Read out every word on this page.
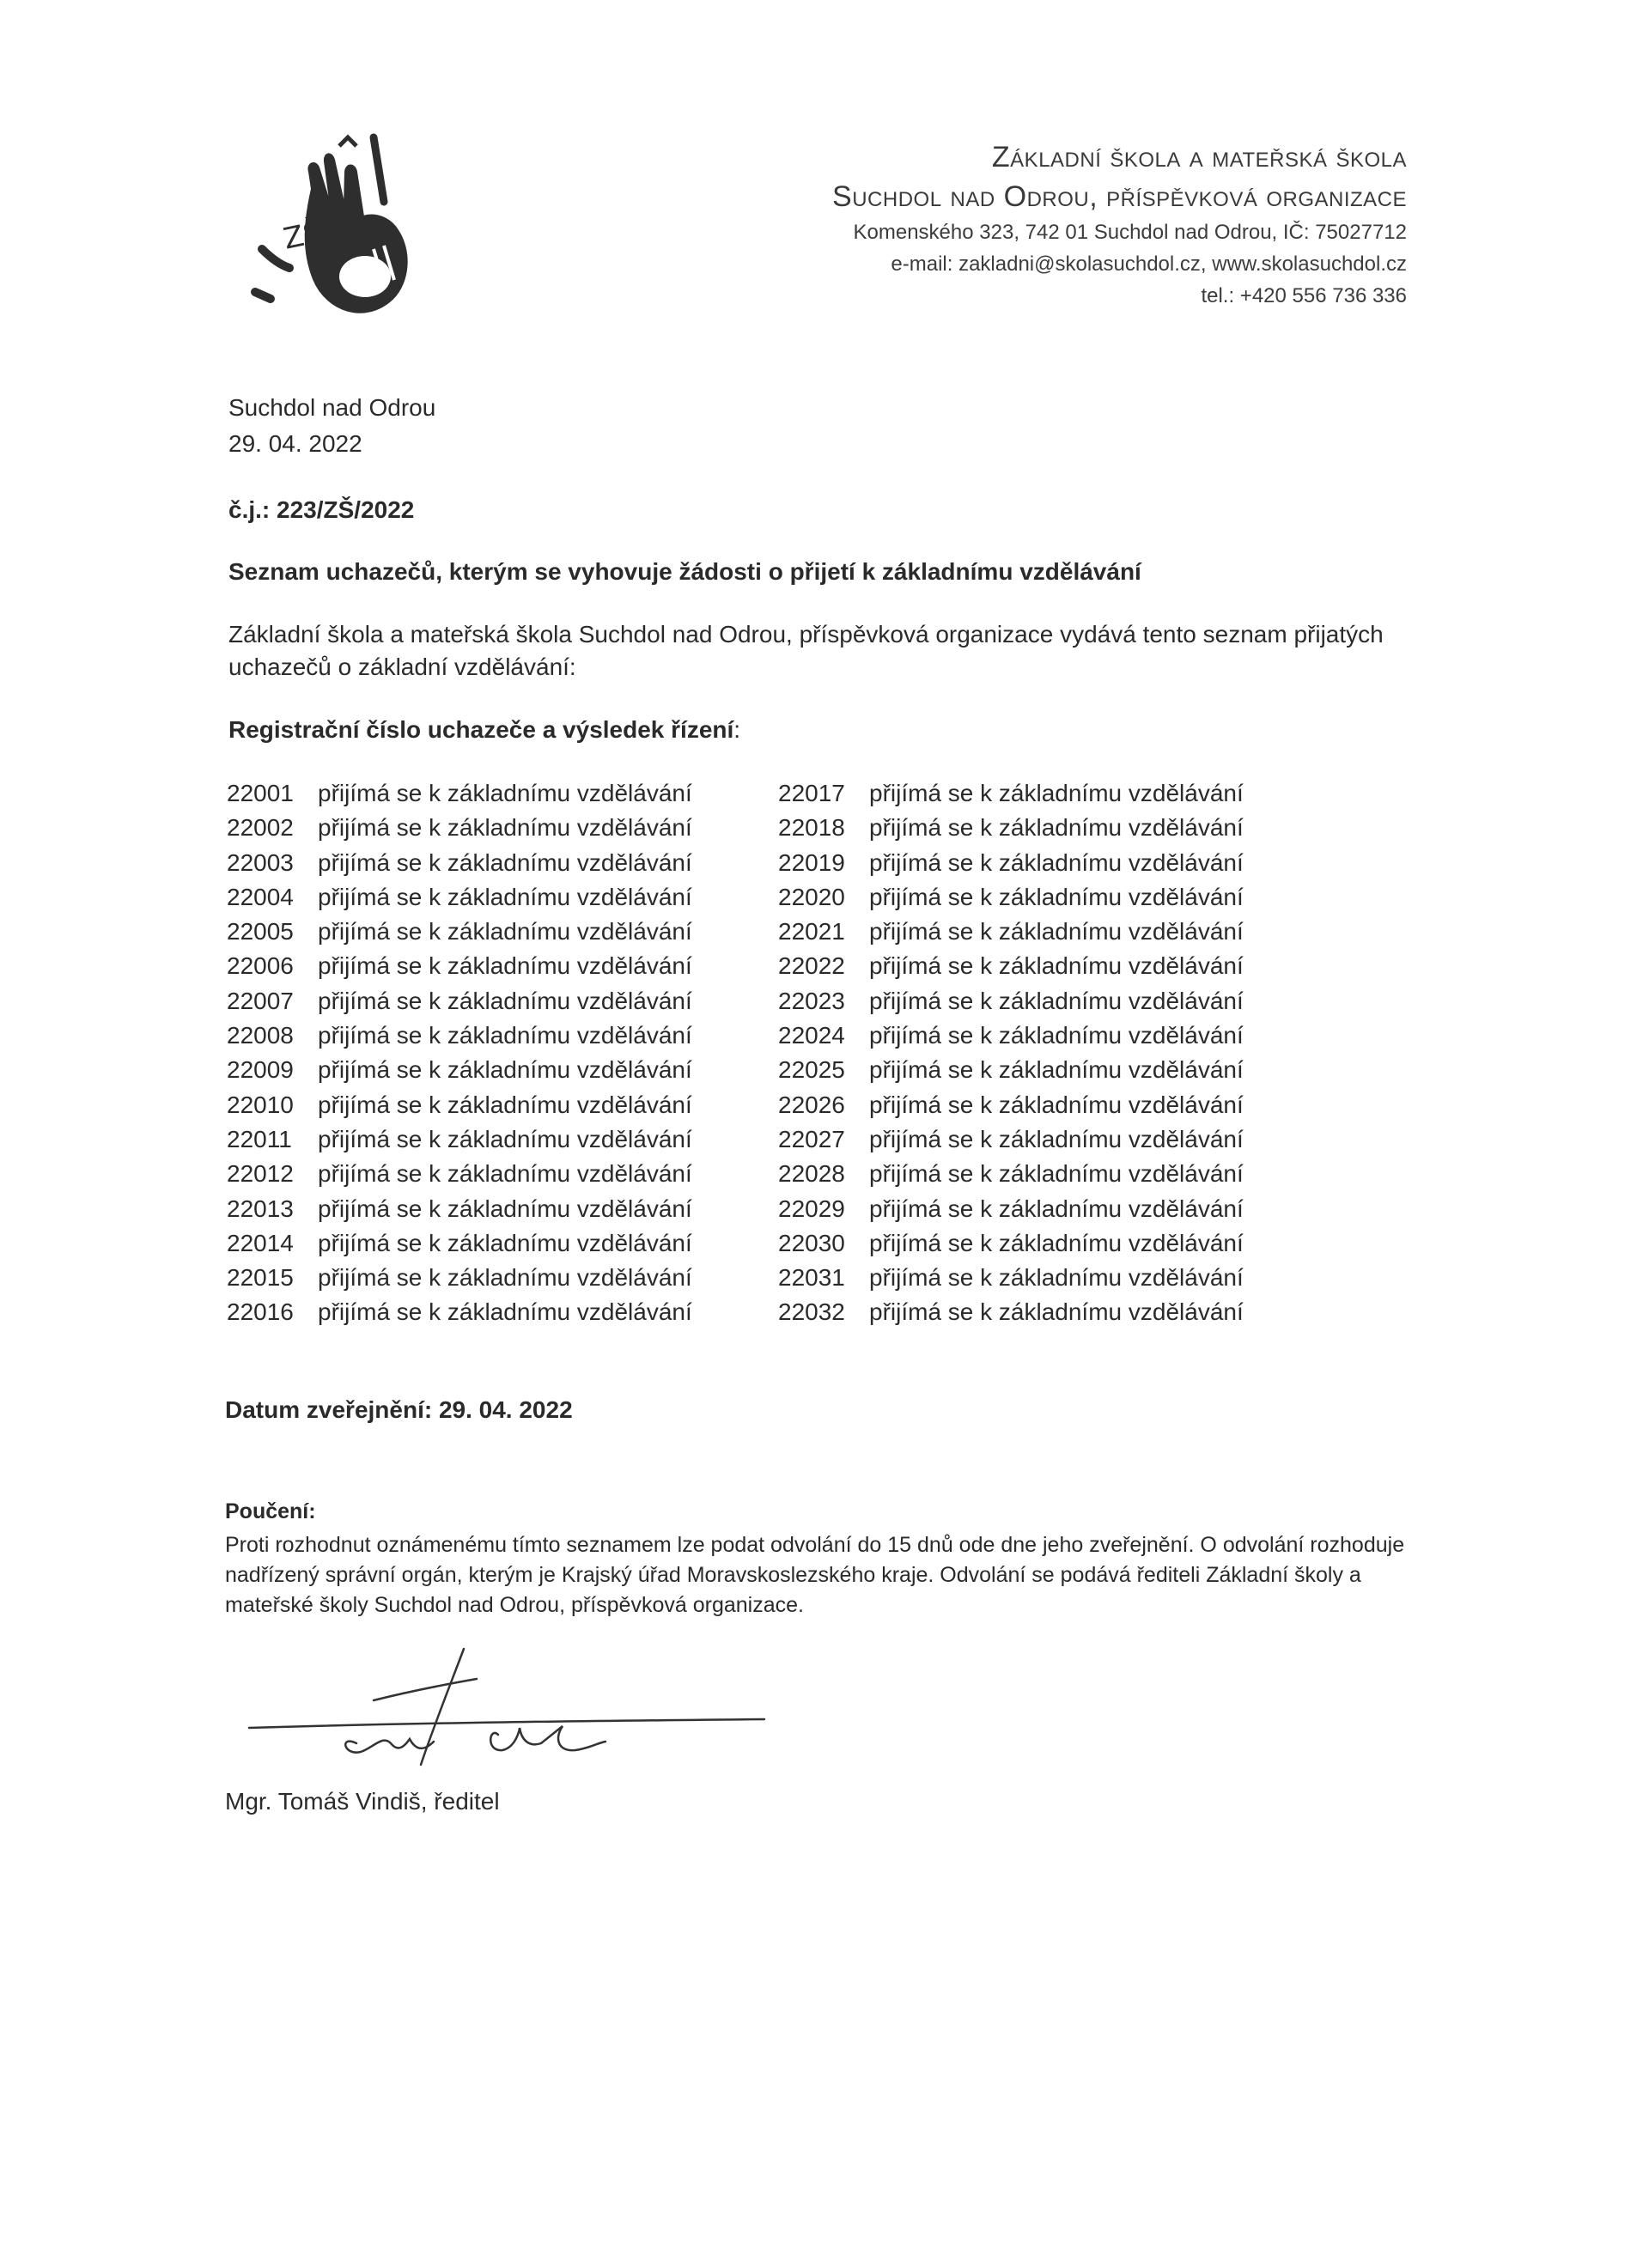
ZŠ
Základní škola a mateřská škola
Suchdol nad Odrou, příspěvková organizace
Komenského 323, 742 01 Suchdol nad Odrou, IČ: 75027712
e-mail: zakladni@skolasuchdol.cz, www.skolasuchdol.cz
tel.: +420 556 736 336
Suchdol nad Odrou
29. 04. 2022
č.j.: 223/ZŠ/2022
Seznam uchazečů, kterým se vyhovuje žádosti o přijetí k základnímu vzdělávání
Základní škola a mateřská škola Suchdol nad Odrou, příspěvková organizace vydává tento seznam přijatých uchazečů o základní vzdělávání:
Registrační číslo uchazeče a výsledek řízení:
22001 přijímá se k základnímu vzdělávání
22002 přijímá se k základnímu vzdělávání
22003 přijímá se k základnímu vzdělávání
22004 přijímá se k základnímu vzdělávání
22005 přijímá se k základnímu vzdělávání
22006 přijímá se k základnímu vzdělávání
22007 přijímá se k základnímu vzdělávání
22008 přijímá se k základnímu vzdělávání
22009 přijímá se k základnímu vzdělávání
22010 přijímá se k základnímu vzdělávání
22011 přijímá se k základnímu vzdělávání
22012 přijímá se k základnímu vzdělávání
22013 přijímá se k základnímu vzdělávání
22014 přijímá se k základnímu vzdělávání
22015 přijímá se k základnímu vzdělávání
22016 přijímá se k základnímu vzdělávání
22017 přijímá se k základnímu vzdělávání
22018 přijímá se k základnímu vzdělávání
22019 přijímá se k základnímu vzdělávání
22020 přijímá se k základnímu vzdělávání
22021 přijímá se k základnímu vzdělávání
22022 přijímá se k základnímu vzdělávání
22023 přijímá se k základnímu vzdělávání
22024 přijímá se k základnímu vzdělávání
22025 přijímá se k základnímu vzdělávání
22026 přijímá se k základnímu vzdělávání
22027 přijímá se k základnímu vzdělávání
22028 přijímá se k základnímu vzdělávání
22029 přijímá se k základnímu vzdělávání
22030 přijímá se k základnímu vzdělávání
22031 přijímá se k základnímu vzdělávání
22032 přijímá se k základnímu vzdělávání
Datum zveřejnění: 29. 04. 2022
Poučení:
Proti rozhodnut oznámenému tímto seznamem lze podat odvolání do 15 dnů ode dne jeho zveřejnění. O odvolání rozhoduje nadřízený správní orgán, kterým je Krajský úřad Moravskoslezského kraje. Odvolání se podává řediteli Základní školy a mateřské školy Suchdol nad Odrou, příspěvková organizace.
Mgr. Tomáš Vindiš, ředitel
